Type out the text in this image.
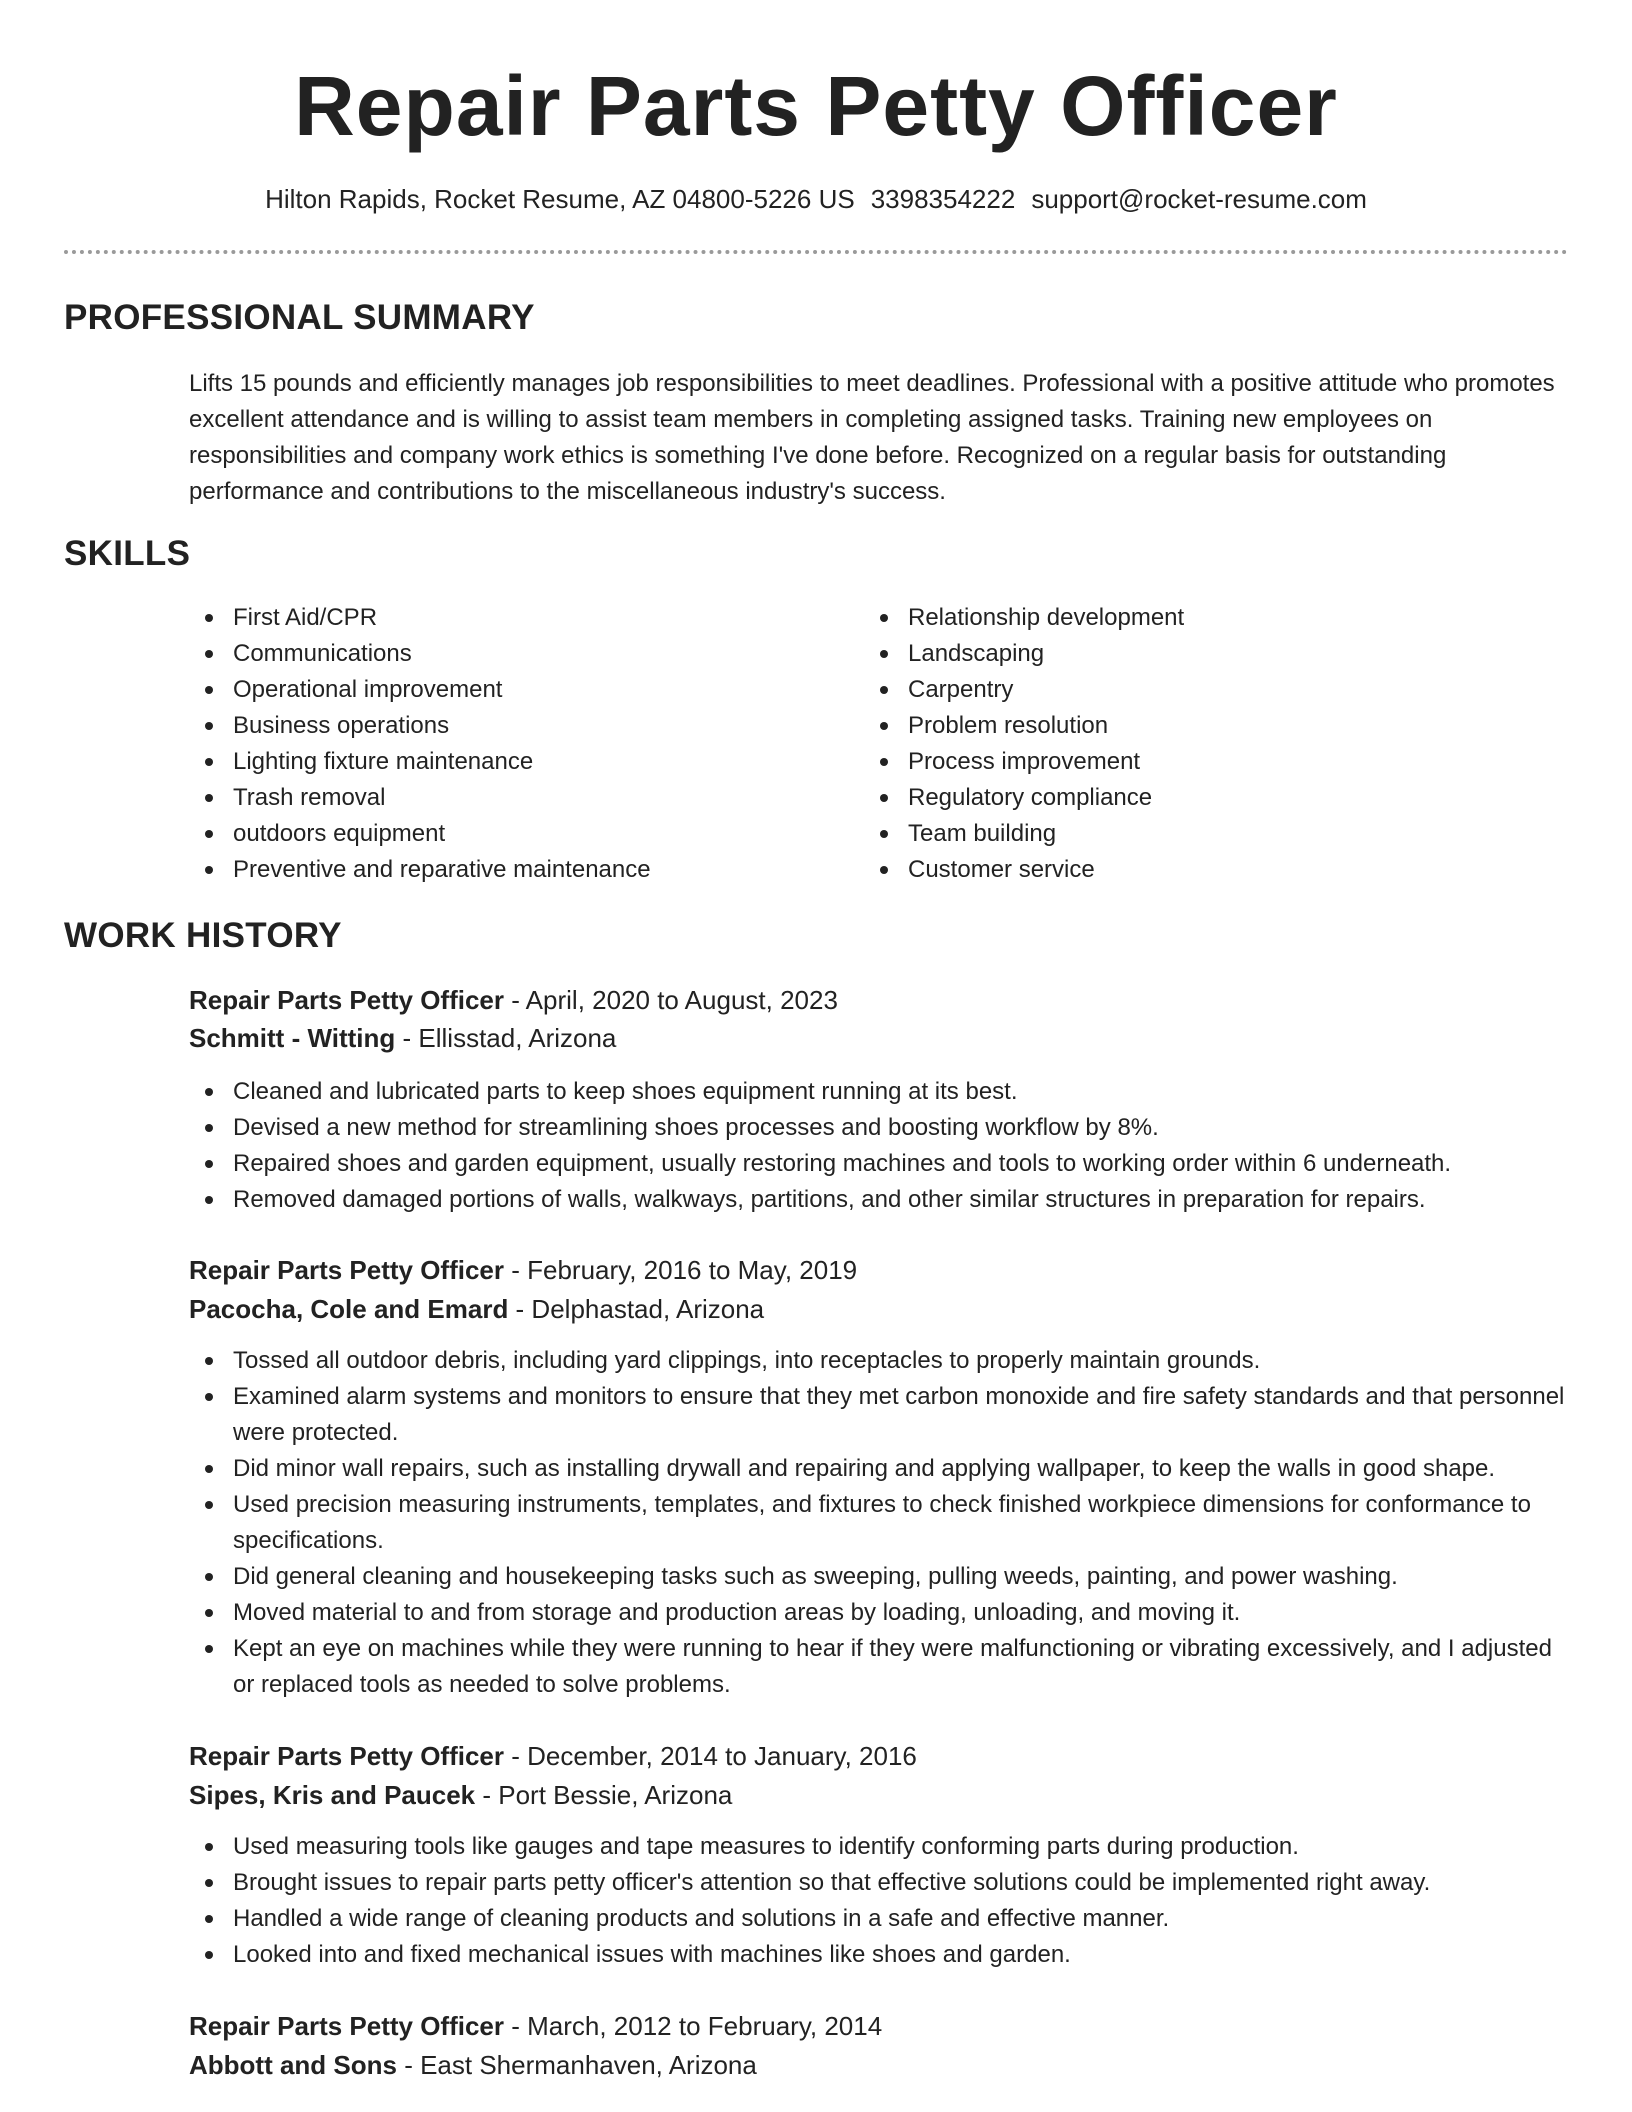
Repair Parts Petty Officer
Hilton Rapids, Rocket Resume, AZ 04800-5226 US 3398354222 support@rocket-resume.com
PROFESSIONAL SUMMARY

Lifts 15 pounds and efficiently manages job responsibilities to meet deadlines. Professional with a positive attitude who promotes excellent attendance and is willing to assist team members in completing assigned tasks. Training new employees on responsibilities and company work ethics is something I've done before. Recognized on a regular basis for outstanding performance and contributions to the miscellaneous industry's success.

SKILLS
First Aid/CPR
Communications
Operational improvement
Business operations
Lighting fixture maintenance
Trash removal
outdoors equipment
Preventive and reparative maintenance
Relationship development
Landscaping
Carpentry
Problem resolution
Process improvement
Regulatory compliance
Team building
Customer service
WORK HISTORY
Repair Parts Petty Officer - April, 2020 to August, 2023
Schmitt - Witting - Ellisstad, Arizona
Cleaned and lubricated parts to keep shoes equipment running at its best.
Devised a new method for streamlining shoes processes and boosting workflow by 8%.
Repaired shoes and garden equipment, usually restoring machines and tools to working order within 6 underneath.
Removed damaged portions of walls, walkways, partitions, and other similar structures in preparation for repairs.
Repair Parts Petty Officer - February, 2016 to May, 2019
Pacocha, Cole and Emard - Delphastad, Arizona
Tossed all outdoor debris, including yard clippings, into receptacles to properly maintain grounds.
Examined alarm systems and monitors to ensure that they met carbon monoxide and fire safety standards and that personnel were protected.
Did minor wall repairs, such as installing drywall and repairing and applying wallpaper, to keep the walls in good shape.
Used precision measuring instruments, templates, and fixtures to check finished workpiece dimensions for conformance to specifications.
Did general cleaning and housekeeping tasks such as sweeping, pulling weeds, painting, and power washing.
Moved material to and from storage and production areas by loading, unloading, and moving it.
Kept an eye on machines while they were running to hear if they were malfunctioning or vibrating excessively, and I adjusted or replaced tools as needed to solve problems.
Repair Parts Petty Officer - December, 2014 to January, 2016
Sipes, Kris and Paucek - Port Bessie, Arizona
Used measuring tools like gauges and tape measures to identify conforming parts during production.
Brought issues to repair parts petty officer's attention so that effective solutions could be implemented right away.
Handled a wide range of cleaning products and solutions in a safe and effective manner.
Looked into and fixed mechanical issues with machines like shoes and garden.
Repair Parts Petty Officer - March, 2012 to February, 2014
Abbott and Sons - East Shermanhaven, Arizona
